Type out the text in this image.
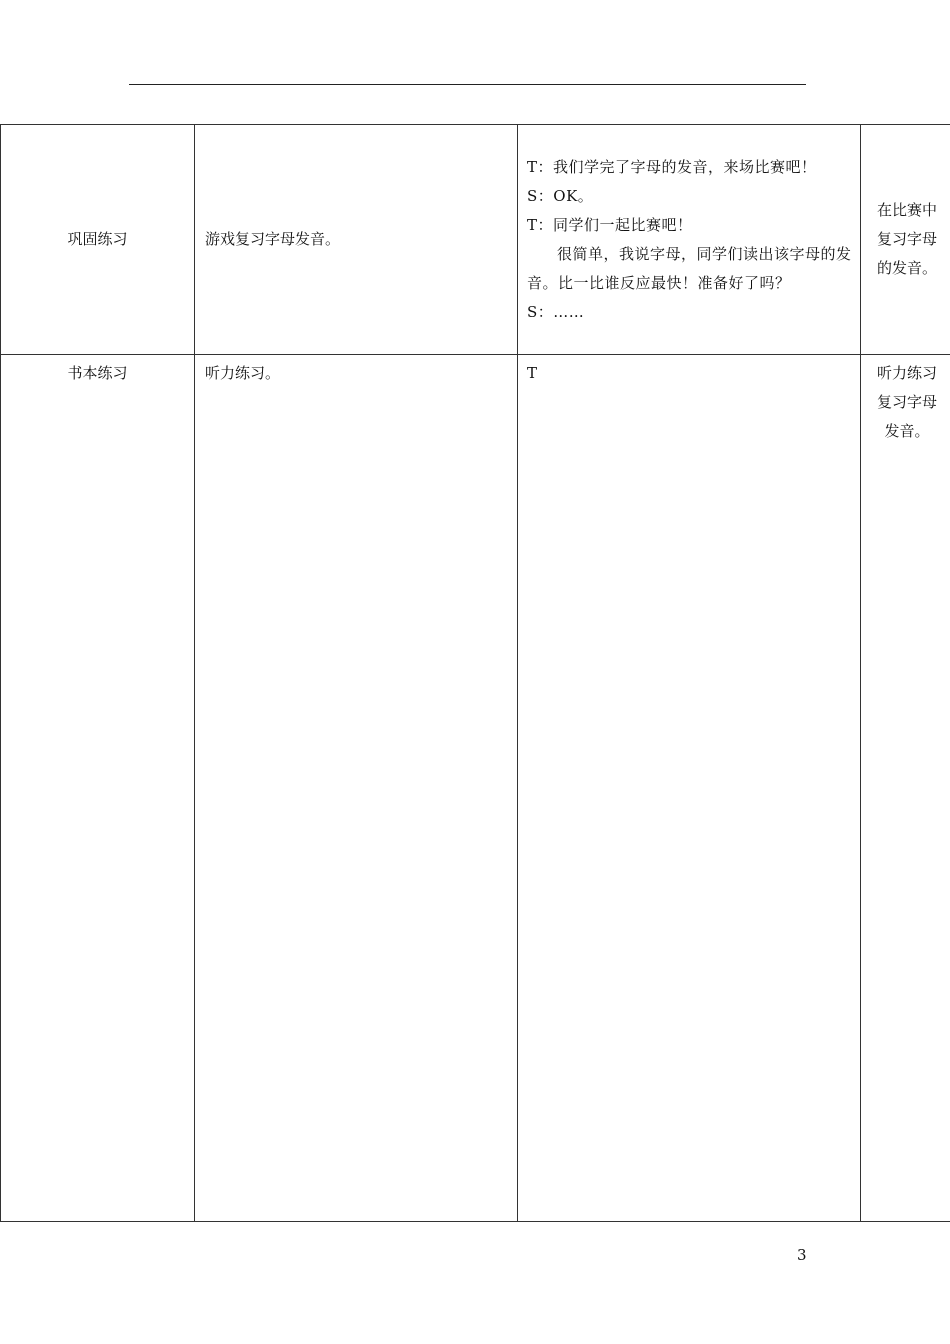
巩固练习	游戏复习字母发音。	T：我们学完了字母的发音，来场比赛吧！
S：OK。
T：同学们一起比赛吧！
很简单，我说字母，同学们读出该字母的发音。比一比谁反应最快！准备好了吗？
S：……	在比赛中复习字母的发音。
书本练习	听力练习。	T	听力练习复习字母发音。
3
